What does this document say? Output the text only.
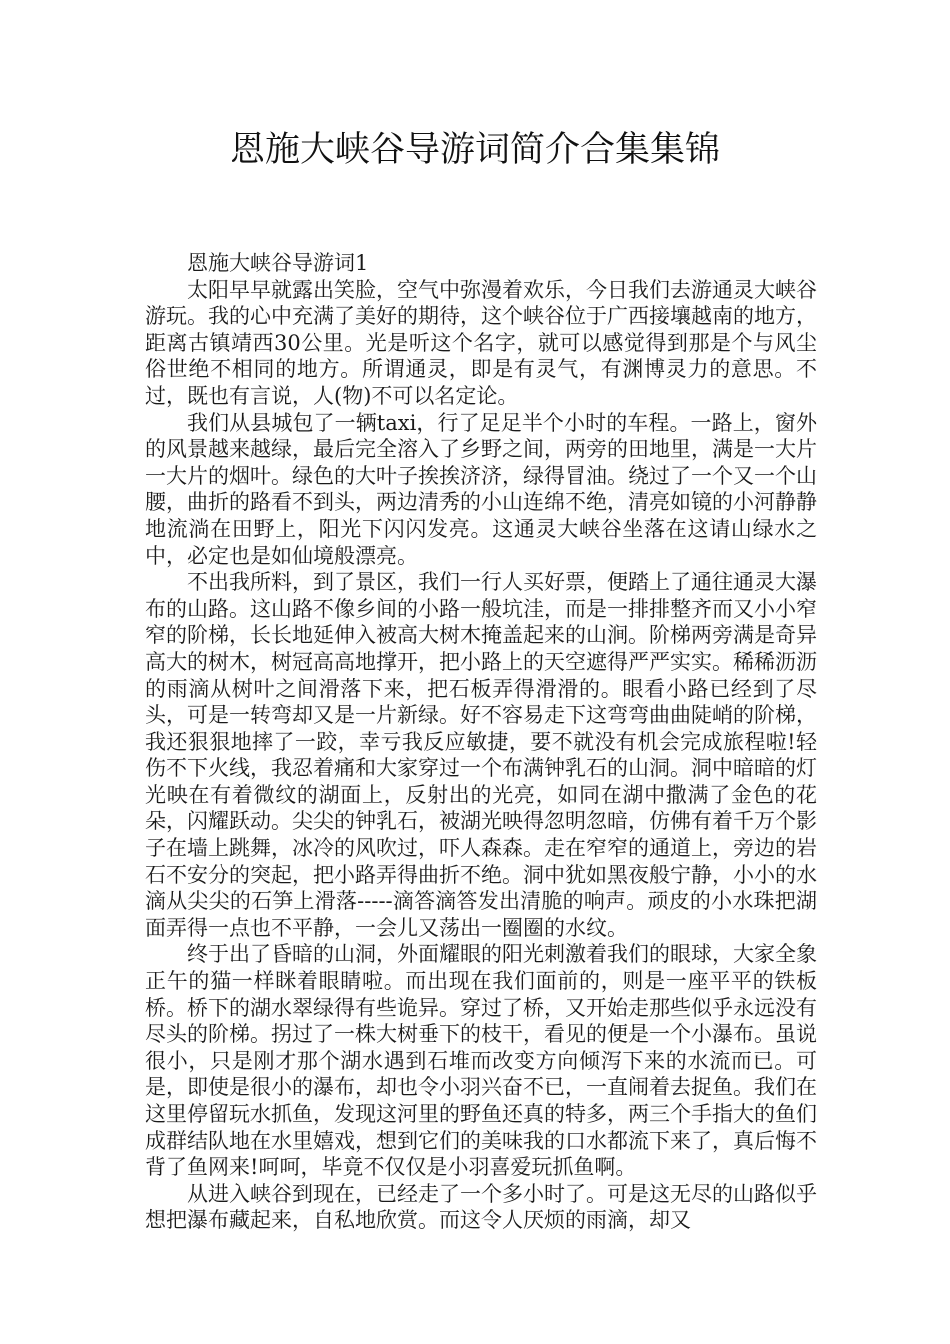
恩施大峡谷导游词简介合集集锦

恩施大峡谷导游词1

太阳早早就露出笑脸，空气中弥漫着欢乐，今日我们去游通灵大峡谷游玩。我的心中充满了美好的期待，这个峡谷位于广西接壤越南的地方，距离古镇靖西30公里。光是听这个名字，就可以感觉得到那是个与风尘俗世绝不相同的地方。所谓通灵，即是有灵气，有渊博灵力的意思。不过，既也有言说，人(物)不可以名定论。

我们从县城包了一辆taxi，行了足足半个小时的车程。一路上，窗外的风景越来越绿，最后完全溶入了乡野之间，两旁的田地里，满是一大片一大片的烟叶。绿色的大叶子挨挨济济，绿得冒油。绕过了一个又一个山腰，曲折的路看不到头，两边清秀的小山连绵不绝，清亮如镜的小河静静地流淌在田野上，阳光下闪闪发亮。这通灵大峡谷坐落在这请山绿水之中，必定也是如仙境般漂亮。

不出我所料，到了景区，我们一行人买好票，便踏上了通往通灵大瀑布的山路。这山路不像乡间的小路一般坑洼，而是一排排整齐而又小小窄窄的阶梯，长长地延伸入被高大树木掩盖起来的山涧。阶梯两旁满是奇异高大的树木，树冠高高地撑开，把小路上的天空遮得严严实实。稀稀沥沥的雨滴从树叶之间滑落下来，把石板弄得滑滑的。眼看小路已经到了尽头，可是一转弯却又是一片新绿。好不容易走下这弯弯曲曲陡峭的阶梯，我还狠狠地摔了一跤，幸亏我反应敏捷，要不就没有机会完成旅程啦!轻伤不下火线，我忍着痛和大家穿过一个布满钟乳石的山洞。洞中暗暗的灯光映在有着微纹的湖面上，反射出的光亮，如同在湖中撒满了金色的花朵，闪耀跃动。尖尖的钟乳石，被湖光映得忽明忽暗，仿佛有着千万个影子在墙上跳舞，冰冷的风吹过，吓人森森。走在窄窄的通道上，旁边的岩石不安分的突起，把小路弄得曲折不绝。洞中犹如黑夜般宁静，小小的水滴从尖尖的石笋上滑落-----滴答滴答发出清脆的响声。顽皮的小水珠把湖面弄得一点也不平静，一会儿又荡出一圈圈的水纹。

终于出了昏暗的山洞，外面耀眼的阳光刺激着我们的眼球，大家全象正午的猫一样眯着眼睛啦。而出现在我们面前的，则是一座平平的铁板桥。桥下的湖水翠绿得有些诡异。穿过了桥，又开始走那些似乎永远没有尽头的阶梯。拐过了一株大树垂下的枝干，看见的便是一个小瀑布。虽说很小，只是刚才那个湖水遇到石堆而改变方向倾泻下来的水流而已。可是，即使是很小的瀑布，却也令小羽兴奋不已，一直闹着去捉鱼。我们在这里停留玩水抓鱼，发现这河里的野鱼还真的特多，两三个手指大的鱼们成群结队地在水里嬉戏，想到它们的美味我的口水都流下来了，真后悔不背了鱼网来!呵呵，毕竟不仅仅是小羽喜爱玩抓鱼啊。

从进入峡谷到现在，已经走了一个多小时了。可是这无尽的山路似乎想把瀑布藏起来，自私地欣赏。而这令人厌烦的雨滴，却又
